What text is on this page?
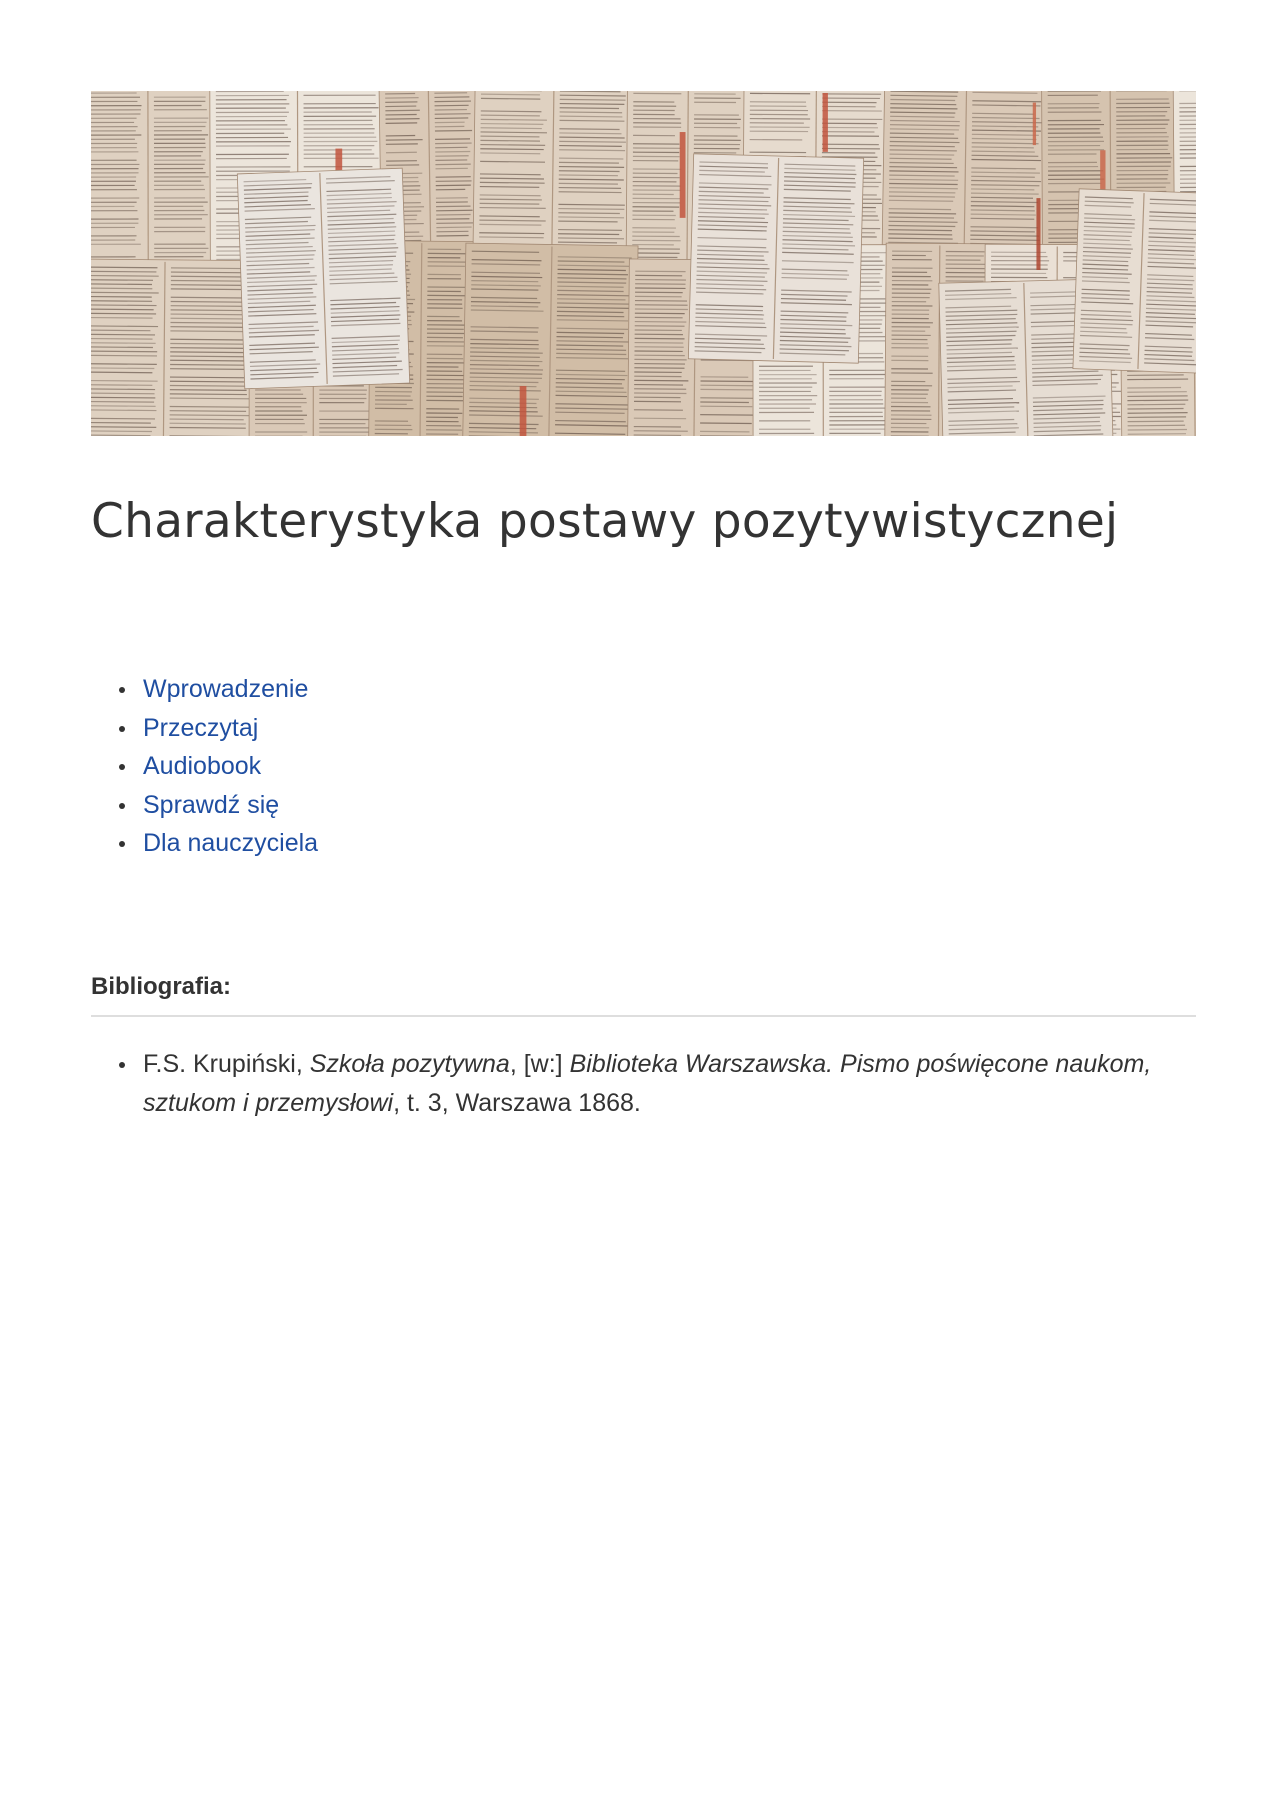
Charakterystyka postawy pozytywistycznej
Wprowadzenie
Przeczytaj
Audiobook
Sprawdź się
Dla nauczyciela
Bibliografia:
F.S. Krupiński, Szkoła pozytywna, [w:] Biblioteka Warszawska. Pismo poświęcone naukom, sztukom i przemysłowi, t. 3, Warszawa 1868.
